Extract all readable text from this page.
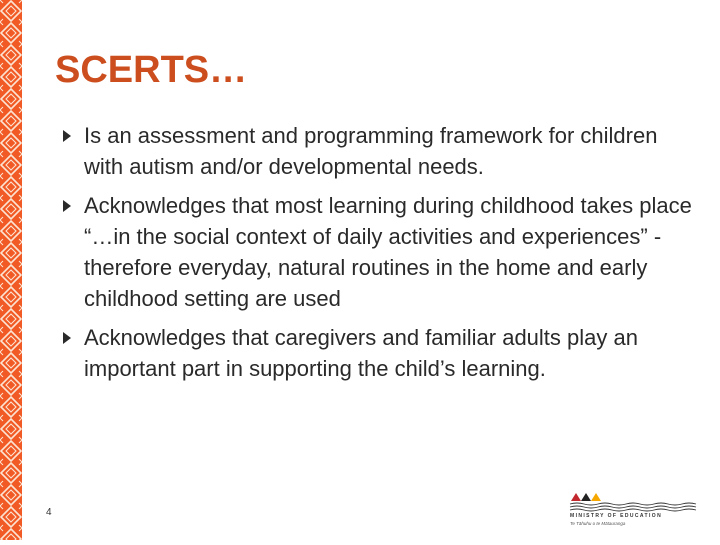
SCERTS…
Is an assessment and programming framework for children with autism and/or developmental needs.
Acknowledges that most learning during childhood takes place “…in the social context of daily activities and experiences” - therefore everyday, natural routines in the home and early childhood setting are used
Acknowledges that caregivers and familiar adults play an important part in supporting the child’s learning.
4	MINISTRY OF EDUCATION
Te Tāhuhu o te Mātauranga
